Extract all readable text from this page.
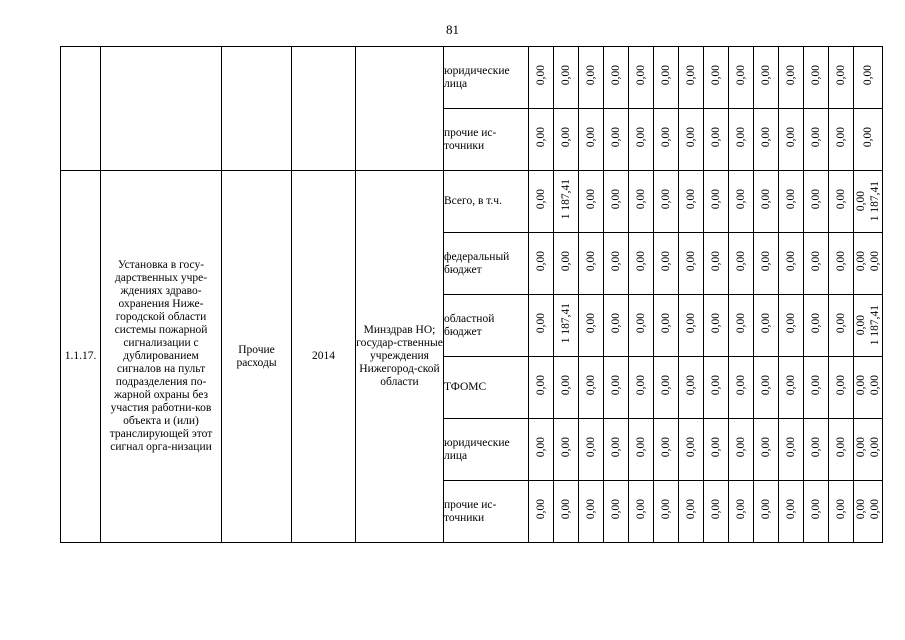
81
					юридические лица	0,00	0,00	0,00	0,00	0,00	0,00	0,00	0,00	0,00	0,00	0,00	0,00	0,00	0,00
					прочие ис-точники	0,00	0,00	0,00	0,00	0,00	0,00	0,00	0,00	0,00	0,00	0,00	0,00	0,00	0,00
1.1.17.	Установка в госу-дарственных учре-ждениях здраво-охранения Ниже-городской области системы пожарной сигнализации с дублированием сигналов на пульт подразделения по-жарной охраны без участия работни-ков объекта и (или) транслирующей этот сигнал орга-низации	Прочие расходы	2014	Минздрав НО; государ-ственные учреждения Нижегород-ской области	Всего, в т.ч.	0,00	1 187,41	0,00	0,00	0,00	0,00	0,00	0,00	0,00	0,00	0,00	0,00	0,00	0,00 1 187,41

					федеральный бюджет	0,00	0,00	0,00	0,00	0,00	0,00	0,00	0,00	0,00	0,00	0,00	0,00	0,00	0,00 0,00

					областной бюджет	0,00	1 187,41	0,00	0,00	0,00	0,00	0,00	0,00	0,00	0,00	0,00	0,00	0,00	0,00 1 187,41

					ТФОМС	0,00	0,00	0,00	0,00	0,00	0,00	0,00	0,00	0,00	0,00	0,00	0,00	0,00	0,00 0,00

					юридические лица	0,00	0,00	0,00	0,00	0,00	0,00	0,00	0,00	0,00	0,00	0,00	0,00	0,00	0,00 0,00

					прочие ис-точники	0,00	0,00	0,00	0,00	0,00	0,00	0,00	0,00	0,00	0,00	0,00	0,00	0,00	0,00 0,00
